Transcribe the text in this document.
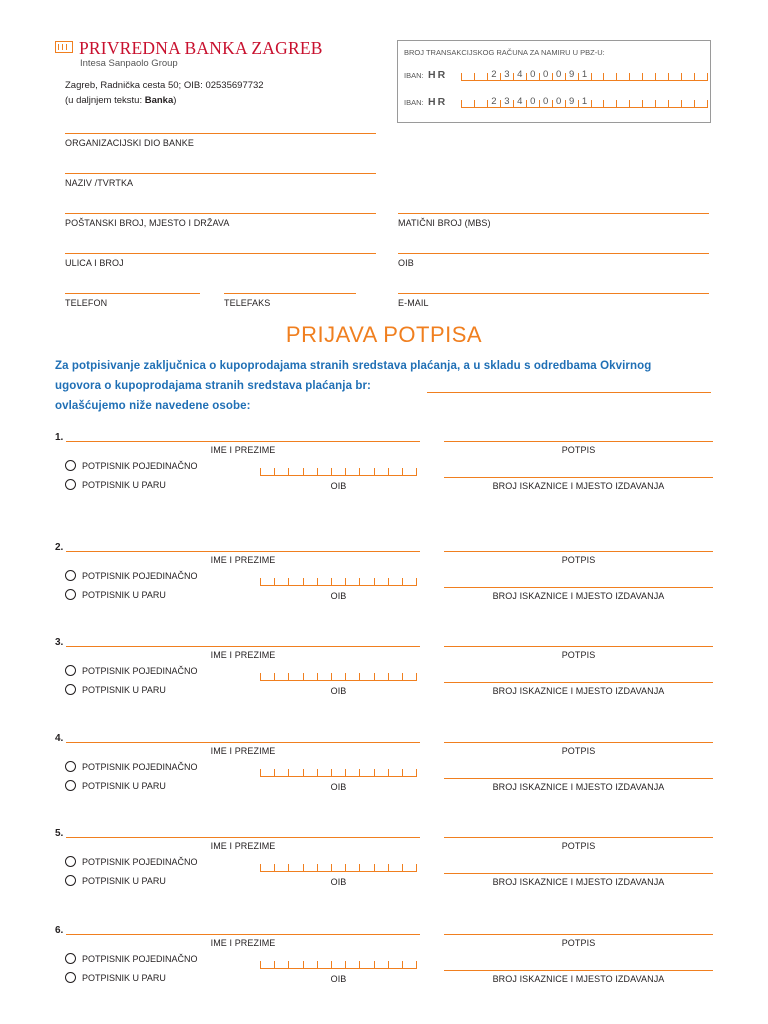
PRIVREDNA BANKA ZAGREB
Intesa Sanpaolo Group
Zagreb, Radnička cesta 50; OIB: 02535697732
(u daljnjem tekstu: Banka)
BROJ TRANSAKCIJSKOG RAČUNA ZA NAMIRU U PBZ-U:
IBAN: HR	2 3 4 0 0 0 9 1
IBAN: HR	2 3 4 0 0 0 9 1
ORGANIZACIJSKI DIO BANKE
NAZIV /TVRTKA
POŠTANSKI BROJ, MJESTO I DRŽAVA	MATIČNI BROJ (MBS)
ULICA I BROJ	OIB
TELEFON	TELEFAKS	E-MAIL
PRIJAVA POTPISA
Za potpisivanje zaključnica o kupoprodajama stranih sredstava plaćanja, a u skladu s odredbama Okvirnog
ugovora o kupoprodajama stranih sredstava plaćanja br:
ovlašćujemo niže navedene osobe:
1.
IME I PREZIME	POTPIS
POTPISNIK POJEDINAČNO
POTPISNIK U PARU	OIB	BROJ ISKAZNICE I MJESTO IZDAVANJA
2.
IME I PREZIME	POTPIS
POTPISNIK POJEDINAČNO
POTPISNIK U PARU	OIB	BROJ ISKAZNICE I MJESTO IZDAVANJA
3.
IME I PREZIME	POTPIS
POTPISNIK POJEDINAČNO
POTPISNIK U PARU	OIB	BROJ ISKAZNICE I MJESTO IZDAVANJA
4.
IME I PREZIME	POTPIS
POTPISNIK POJEDINAČNO
POTPISNIK U PARU	OIB	BROJ ISKAZNICE I MJESTO IZDAVANJA
5.
IME I PREZIME	POTPIS
POTPISNIK POJEDINAČNO
POTPISNIK U PARU	OIB	BROJ ISKAZNICE I MJESTO IZDAVANJA
6.
IME I PREZIME	POTPIS
POTPISNIK POJEDINAČNO
POTPISNIK U PARU	OIB	BROJ ISKAZNICE I MJESTO IZDAVANJA
